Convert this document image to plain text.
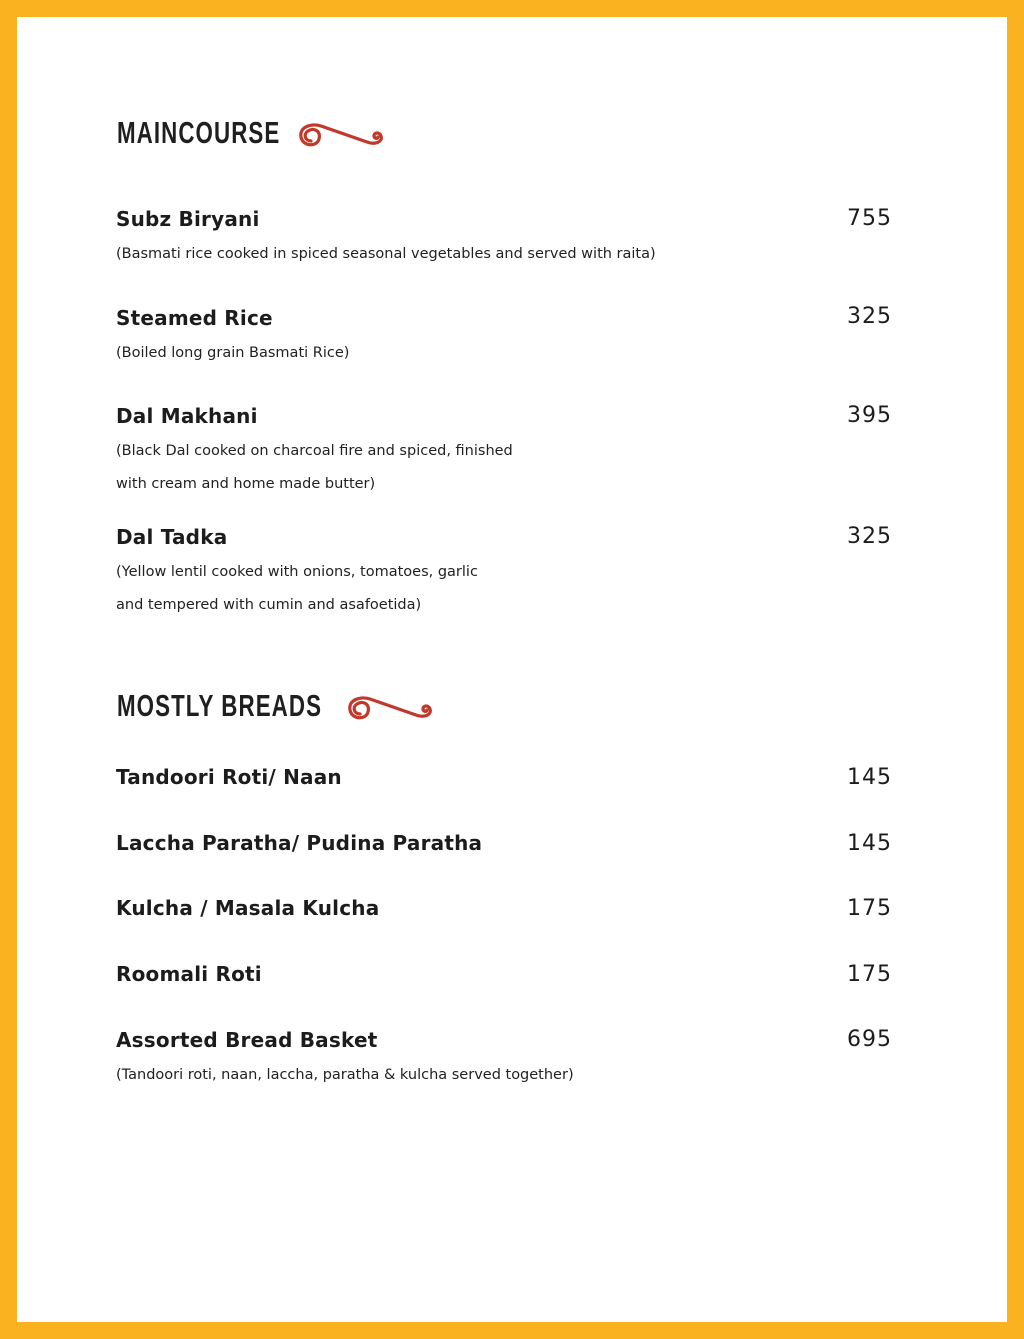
MAINCOURSE
Subz Biryani	755
(Basmati rice cooked in spiced seasonal vegetables and served with raita)
Steamed Rice	325
(Boiled long grain Basmati Rice)
Dal Makhani	395
(Black Dal cooked on charcoal fire and spiced, finished
with cream and home made butter)
Dal Tadka	325
(Yellow lentil cooked with onions, tomatoes, garlic
and tempered with cumin and asafoetida)
MOSTLY BREADS
Tandoori Roti/ Naan	145
Laccha Paratha/ Pudina Paratha	145
Kulcha / Masala Kulcha	175
Roomali Roti	175
Assorted Bread Basket	695
(Tandoori roti, naan, laccha, paratha & kulcha served together)
